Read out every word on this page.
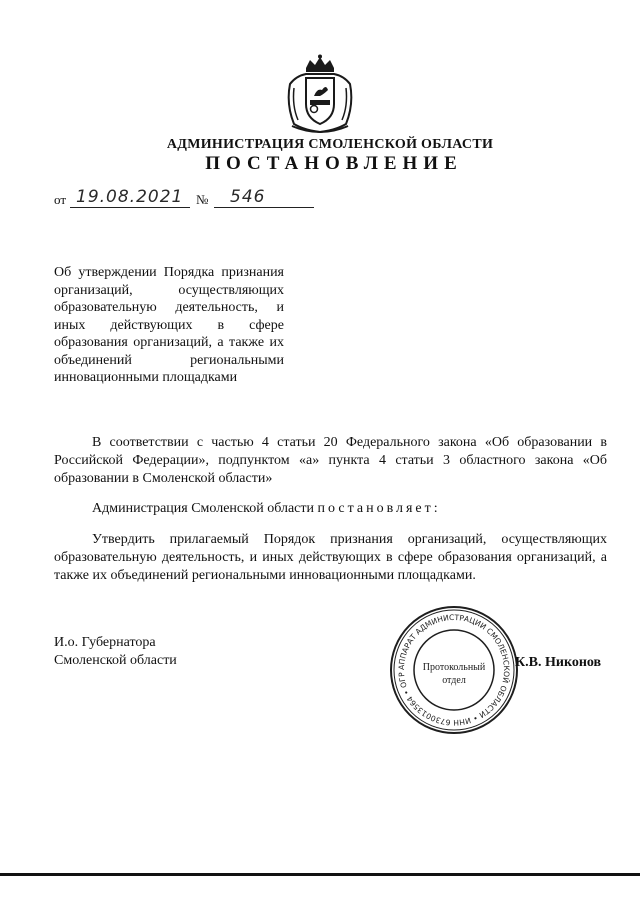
АДМИНИСТРАЦИЯ СМОЛЕНСКОЙ ОБЛАСТИ
ПОСТАНОВЛЕНИЕ
от 19.08.2021 № 546
Об утверждении Порядка признания организаций, осуществляющих образовательную деятельность, и иных действующих в сфере образования организаций, а также их объединений региональными инновационными площадками
В соответствии с частью 4 статьи 20 Федерального закона «Об образовании в Российской Федерации», подпунктом «а» пункта 4 статьи 3 областного закона «Об образовании в Смоленской области»
Администрация Смоленской области постановляет:
Утвердить прилагаемый Порядок признания организаций, осуществляющих образовательную деятельность, и иных действующих в сфере образования организаций, а также их объединений региональными инновационными площадками.
И.о. Губернатора
Смоленской области	АППАРАТ АДМИНИСТРАЦИИ СМОЛЕНСКОЙ ОБЛАСТИ • ИНН 6730013564 • ОГР
Протокольный
отдел
К.В. Никонов
